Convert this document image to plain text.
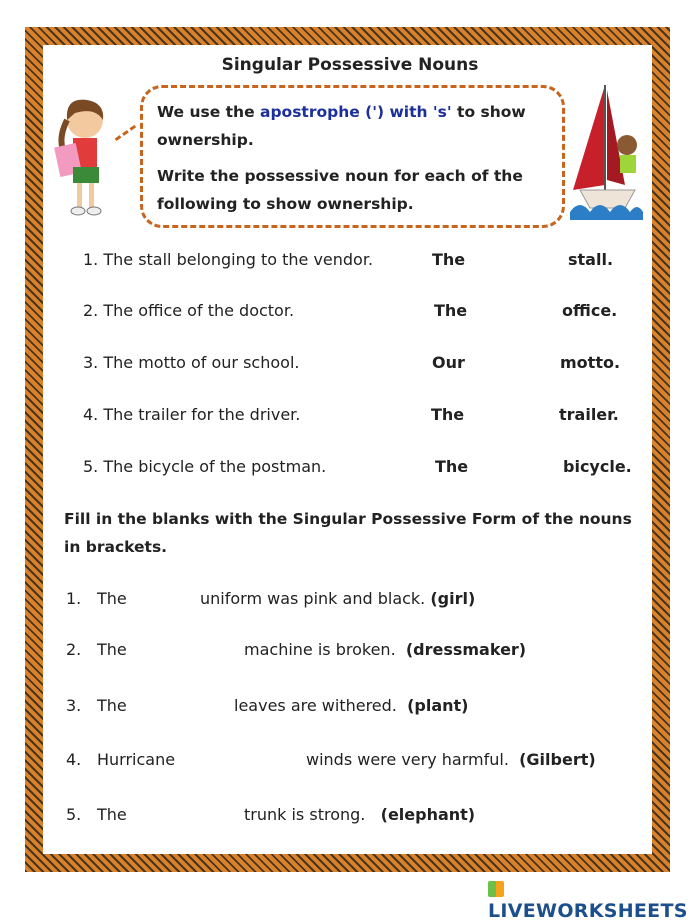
Singular Possessive Nouns
We use the apostrophe (') with 's' to show
ownership.
Write the possessive noun for each of the
following to show ownership.
1. The stall belonging to the vendor.	The	stall.
2. The office of the doctor.	The	office.
3. The motto of our school.	Our	motto.
4. The trailer for the driver.	The	trailer.
5. The bicycle of the postman.	The	bicycle.
Fill in the blanks with the Singular Possessive Form of the nouns
in brackets.
1. The	uniform was pink and black. (girl)
2. The	machine is broken. (dressmaker)
3. The	leaves are withered. (plant)
4. Hurricane	winds were very harmful. (Gilbert)
5. The	trunk is strong. (elephant)
LIVEWORKSHEETS
